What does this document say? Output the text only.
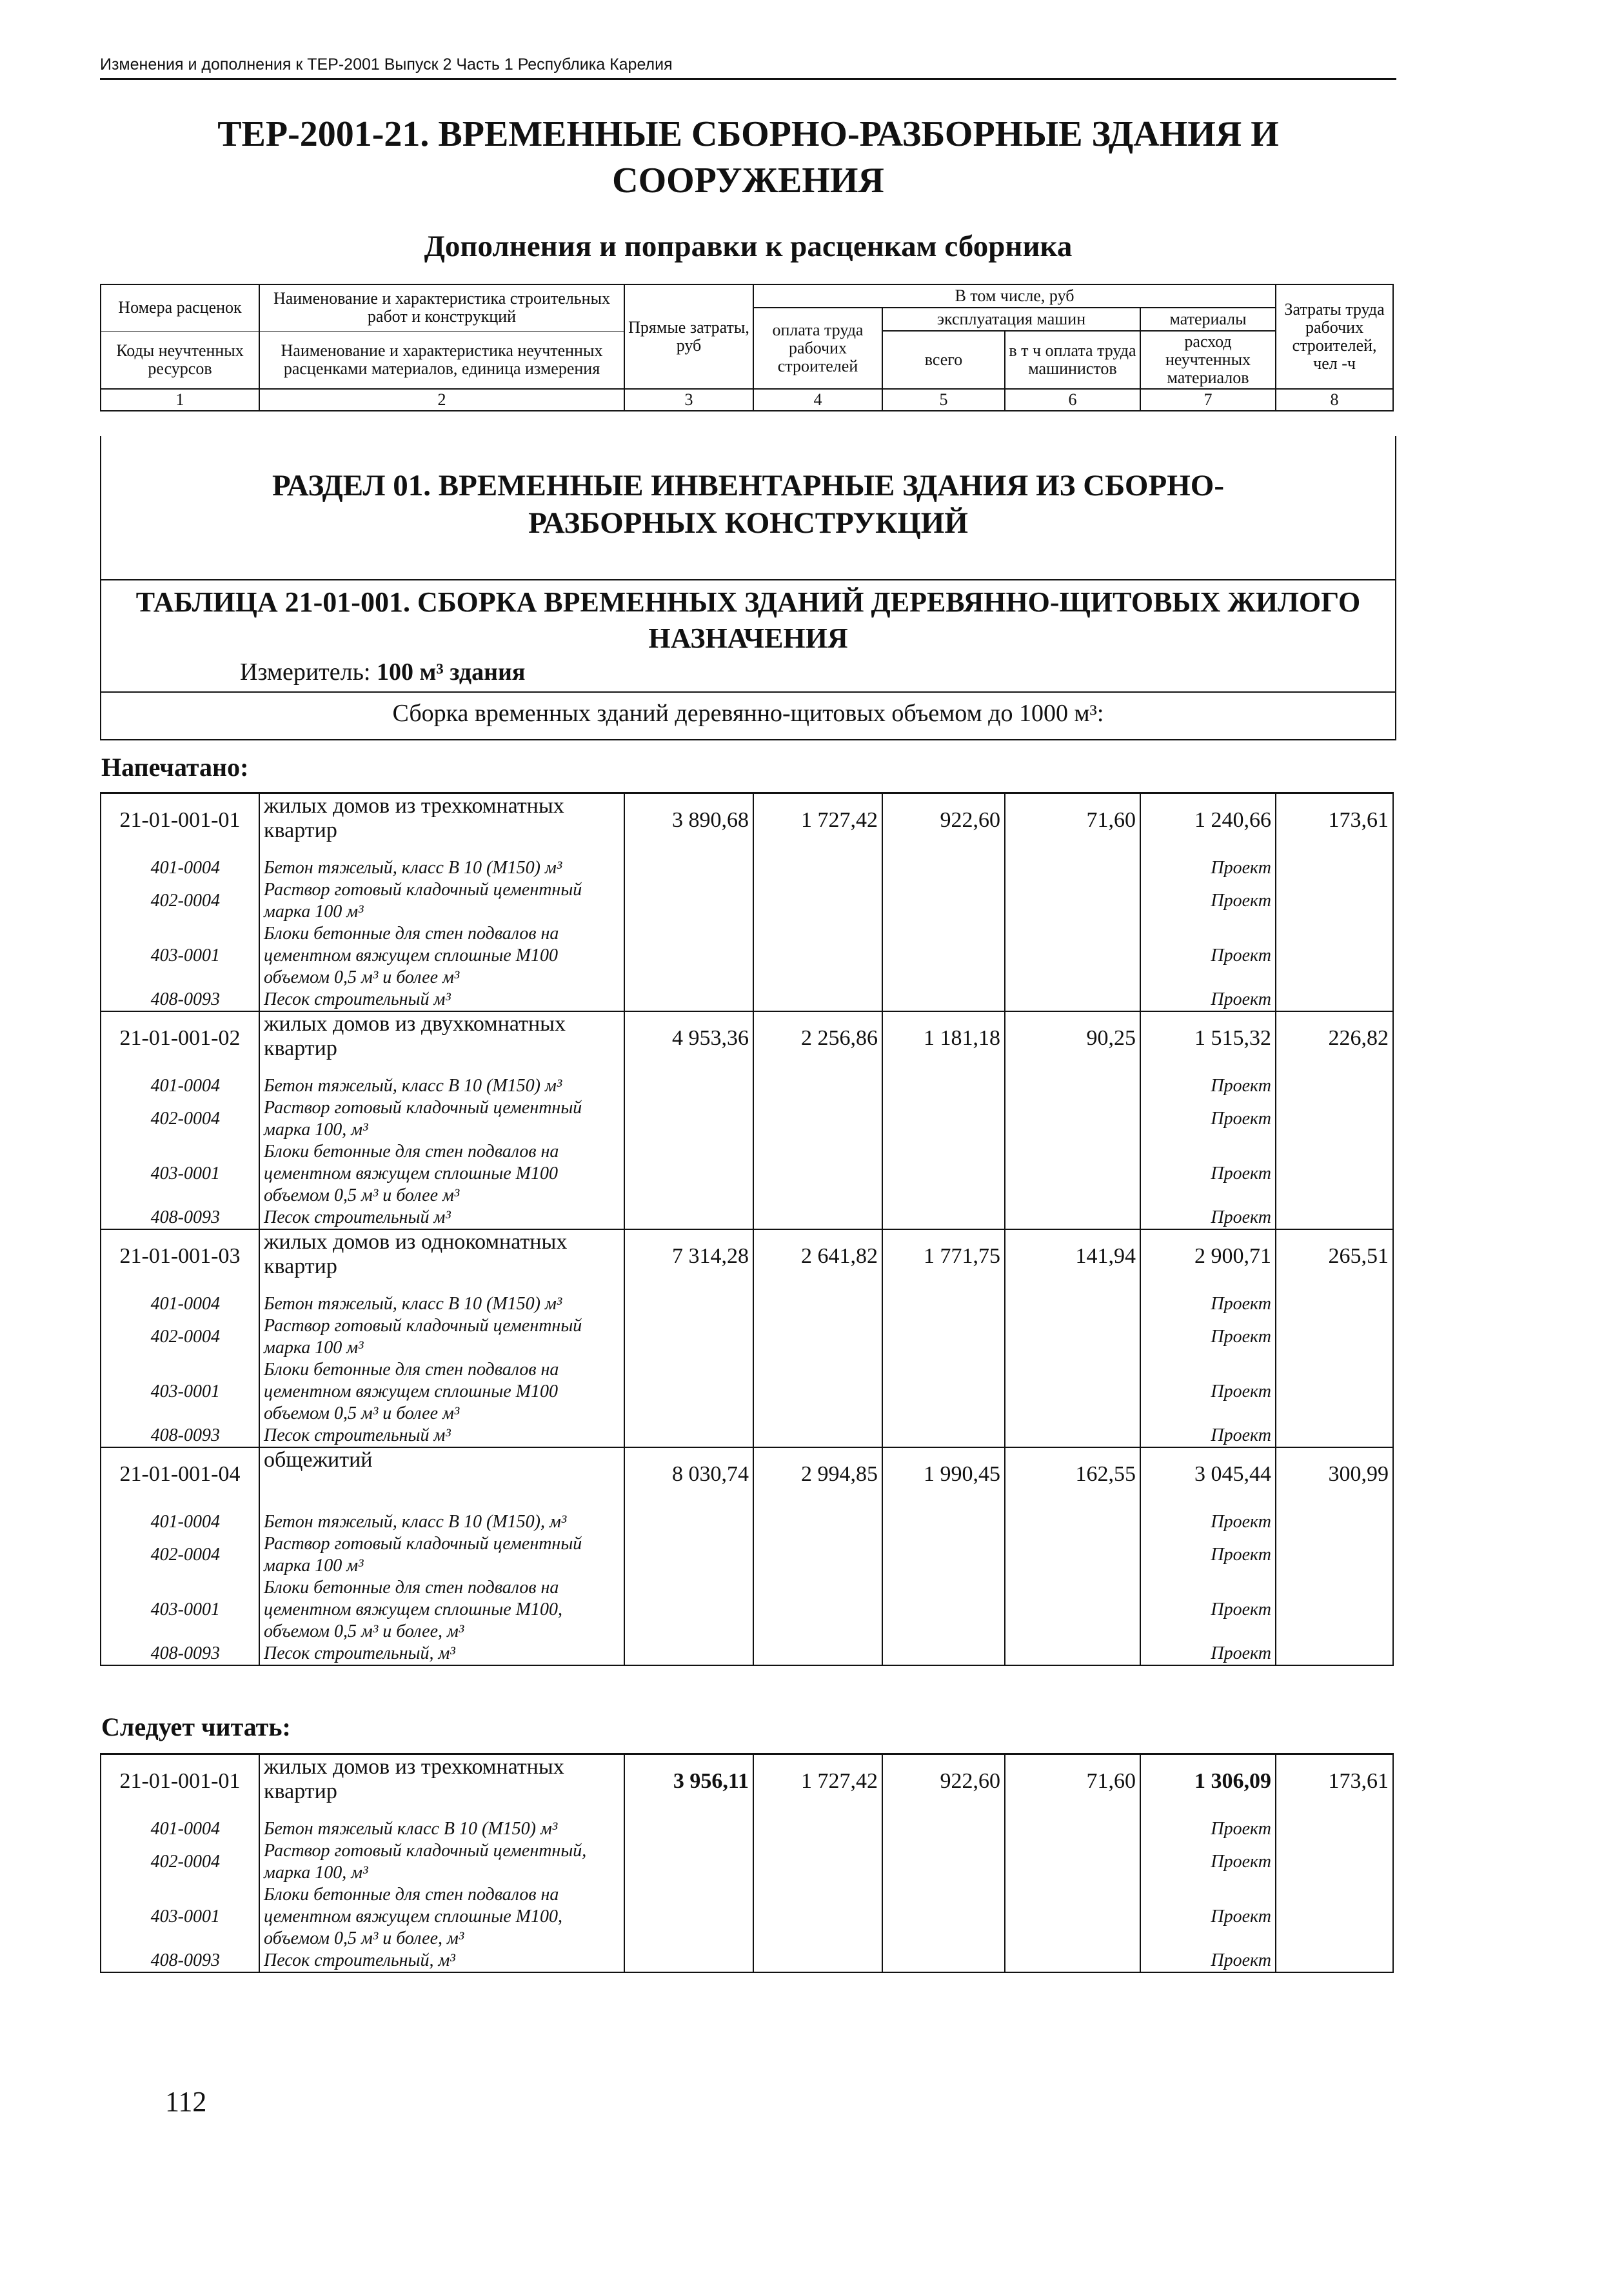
Изменения и дополнения к ТЕР-2001 Выпуск 2 Часть 1 Республика Карелия
ТЕР-2001-21. ВРЕМЕННЫЕ СБОРНО-РАЗБОРНЫЕ ЗДАНИЯ И
СООРУЖЕНИЯ
Дополнения и поправки к расценкам сборника
Номера расценок	Наименование и характеристика строительных работ и конструкций	Прямые затраты, руб	В том числе, руб				Затраты труда рабочих строителей, чел -ч
			оплата труда рабочих строителей	эксплуатация машин		материалы	
Коды неучтенных ресурсов	Наименование и характеристика неучтенных расценками материалов, единица измерения			всего	в т ч оплата труда машинистов	расход неучтенных материалов	

1	2	3	4	5	6	7	8
РАЗДЕЛ 01. ВРЕМЕННЫЕ ИНВЕНТАРНЫЕ ЗДАНИЯ ИЗ СБОРНО-РАЗБОРНЫХ КОНСТРУКЦИЙ
ТАБЛИЦА 21-01-001. СБОРКА ВРЕМЕННЫХ ЗДАНИЙ ДЕРЕВЯННО-ЩИТОВЫХ ЖИЛОГО НАЗНАЧЕНИЯ
Измеритель: 100 м³ здания
Сборка временных зданий деревянно-щитовых объемом до 1000 м³:
Напечатано:
21-01-001-01	жилых домов из трехкомнатных квартир	3 890,68	1 727,42	922,60	71,60	1 240,66	173,61
401-0004	Бетон тяжелый, класс В 10 (М150) м³					Проект	
402-0004	Раствор готовый кладочный цементный марка 100 м³					Проект	
403-0001	Блоки бетонные для стен подвалов на цементном вяжущем сплошные М100 объемом 0,5 м³ и более м³					Проект	
408-0093	Песок строительный м³					Проект	
21-01-001-02	жилых домов из двухкомнатных квартир	4 953,36	2 256,86	1 181,18	90,25	1 515,32	226,82
401-0004	Бетон тяжелый, класс В 10 (М150) м³					Проект	
402-0004	Раствор готовый кладочный цементный марка 100, м³					Проект	
403-0001	Блоки бетонные для стен подвалов на цементном вяжущем сплошные М100 объемом 0,5 м³ и более м³					Проект	
408-0093	Песок строительный м³					Проект	
21-01-001-03	жилых домов из однокомнатных квартир	7 314,28	2 641,82	1 771,75	141,94	2 900,71	265,51
401-0004	Бетон тяжелый, класс В 10 (М150) м³					Проект	
402-0004	Раствор готовый кладочный цементный марка 100 м³					Проект	
403-0001	Блоки бетонные для стен подвалов на цементном вяжущем сплошные М100 объемом 0,5 м³ и более м³					Проект	
408-0093	Песок строительный м³					Проект	
21-01-001-04	общежитий	8 030,74	2 994,85	1 990,45	162,55	3 045,44	300,99
401-0004	Бетон тяжелый, класс В 10 (М150), м³					Проект	
402-0004	Раствор готовый кладочный цементный марка 100 м³					Проект	
403-0001	Блоки бетонные для стен подвалов на цементном вяжущем сплошные М100, объемом 0,5 м³ и более, м³					Проект	
408-0093	Песок строительный, м³					Проект	
Следует читать:
21-01-001-01	жилых домов из трехкомнатных квартир	3 956,11	1 727,42	922,60	71,60	1 306,09	173,61
401-0004	Бетон тяжелый класс В 10 (М150) м³					Проект	
402-0004	Раствор готовый кладочный цементный, марка 100, м³					Проект	
403-0001	Блоки бетонные для стен подвалов на цементном вяжущем сплошные М100, объемом 0,5 м³ и более, м³					Проект	
408-0093	Песок строительный, м³					Проект	
112
